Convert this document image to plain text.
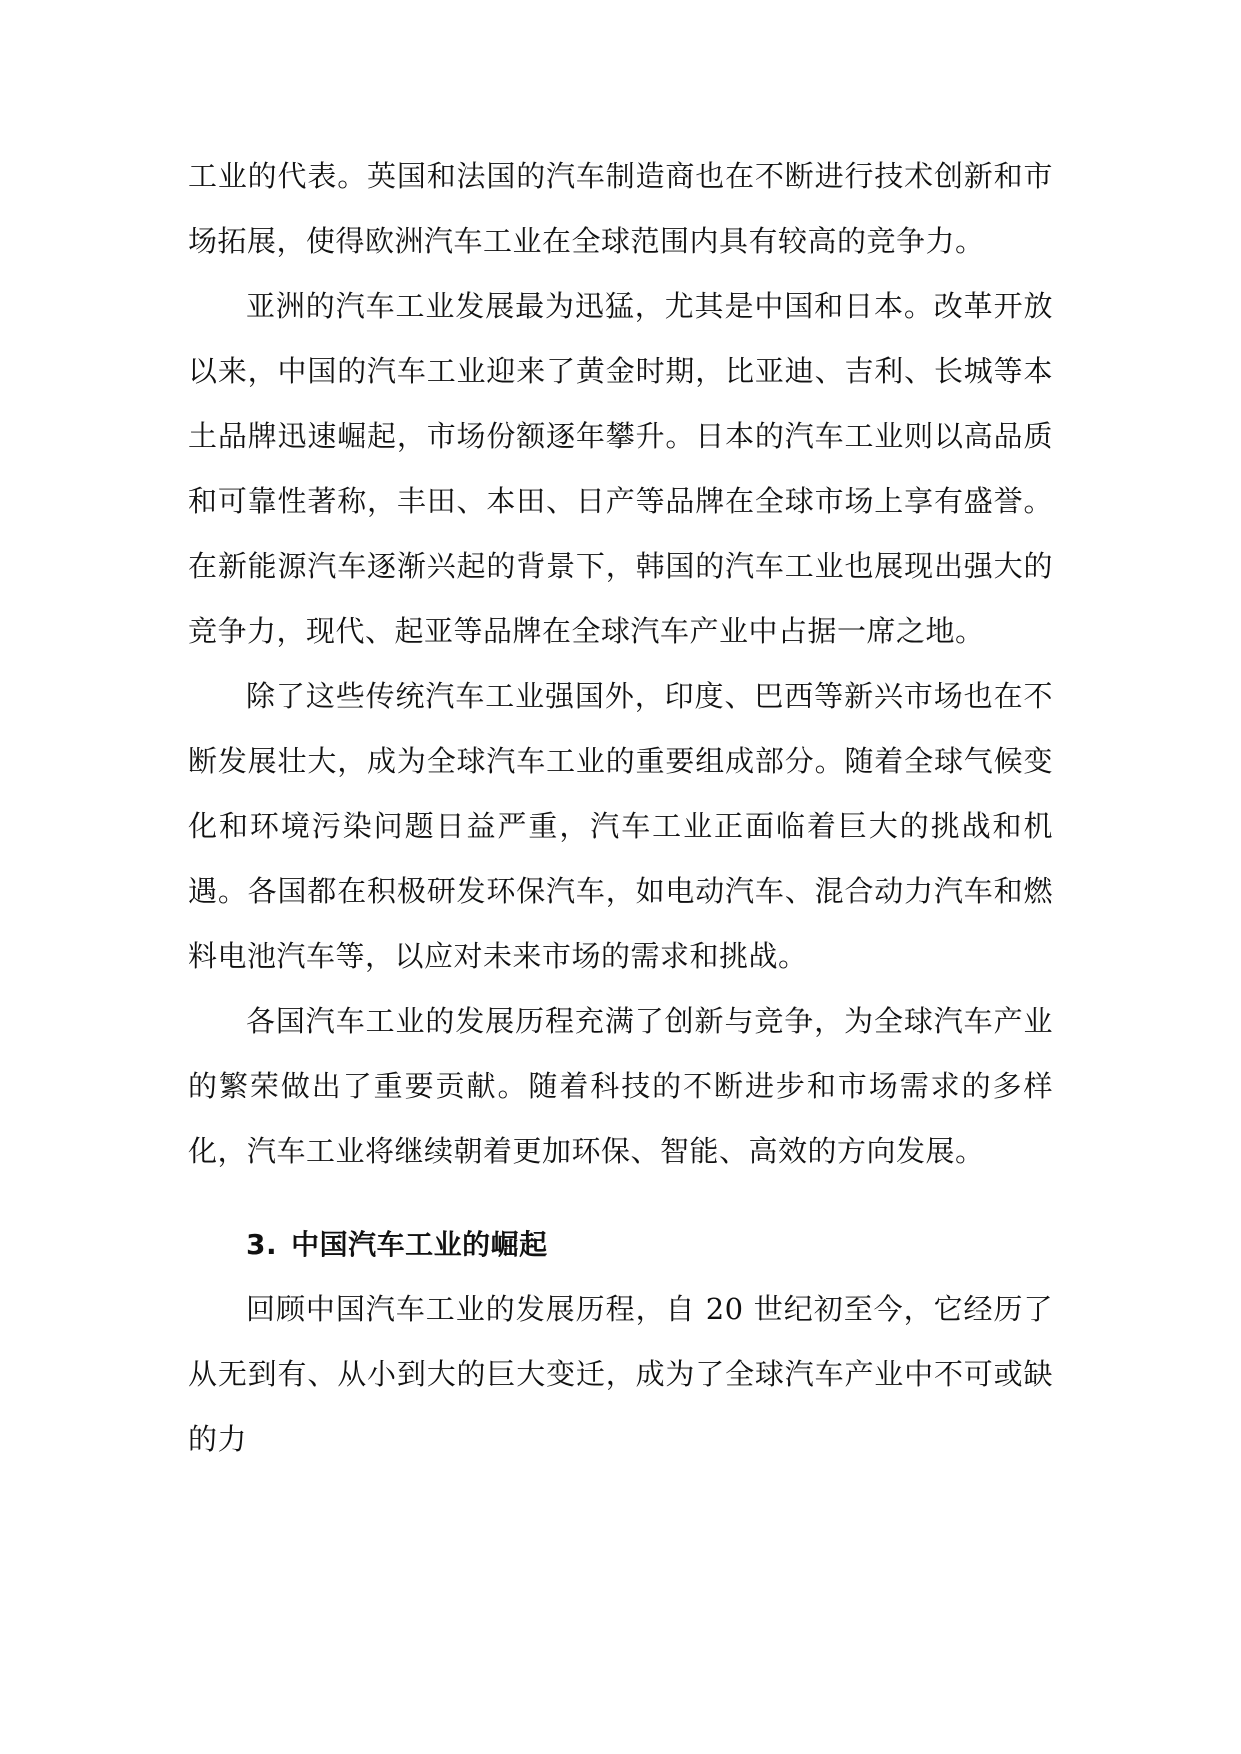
工业的代表。英国和法国的汽车制造商也在不断进行技术创新和市场拓展，使得欧洲汽车工业在全球范围内具有较高的竞争力。

亚洲的汽车工业发展最为迅猛，尤其是中国和日本。改革开放以来，中国的汽车工业迎来了黄金时期，比亚迪、吉利、长城等本土品牌迅速崛起，市场份额逐年攀升。日本的汽车工业则以高品质和可靠性著称，丰田、本田、日产等品牌在全球市场上享有盛誉。在新能源汽车逐渐兴起的背景下，韩国的汽车工业也展现出强大的竞争力，现代、起亚等品牌在全球汽车产业中占据一席之地。

除了这些传统汽车工业强国外，印度、巴西等新兴市场也在不断发展壮大，成为全球汽车工业的重要组成部分。随着全球气候变化和环境污染问题日益严重，汽车工业正面临着巨大的挑战和机遇。各国都在积极研发环保汽车，如电动汽车、混合动力汽车和燃料电池汽车等，以应对未来市场的需求和挑战。

各国汽车工业的发展历程充满了创新与竞争，为全球汽车产业的繁荣做出了重要贡献。随着科技的不断进步和市场需求的多样化，汽车工业将继续朝着更加环保、智能、高效的方向发展。

3. 中国汽车工业的崛起

回顾中国汽车工业的发展历程，自 20 世纪初至今，它经历了从无到有、从小到大的巨大变迁，成为了全球汽车产业中不可或缺的力
